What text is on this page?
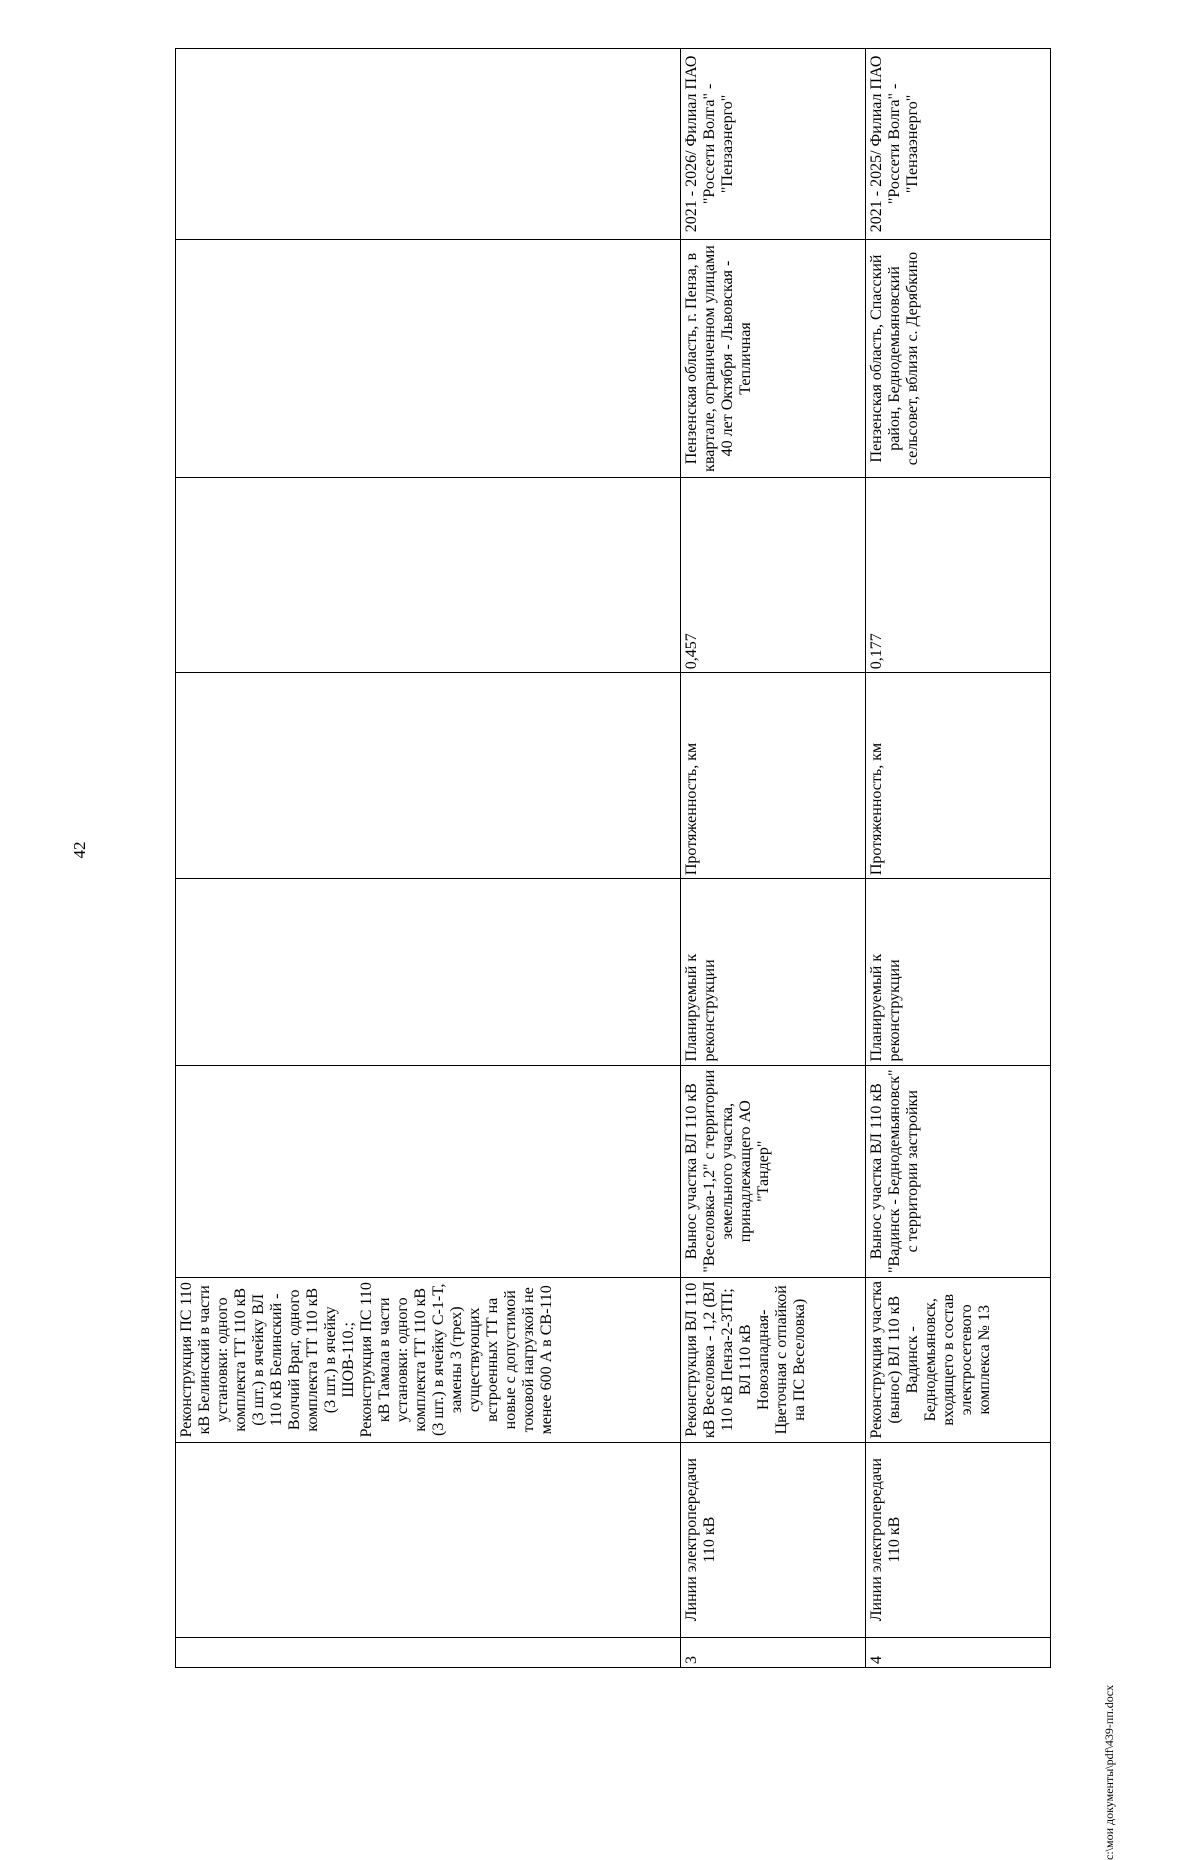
42
		Реконструкция ПС 110 кВ Белинский в части установки: одного комплекта ТТ 110 кВ (3 шт.) в ячейку ВЛ 110 кВ Белинский - Волчий Враг, одного комплекта ТТ 110 кВ (3 шт.) в ячейку ШОВ-110.; Реконструкция ПС 110 кВ Тамала в части установки: одного комплекта ТТ 110 кВ (3 шт.) в ячейку С-1-Т, замены 3 (трех) существующих встроенных ТТ на новые с допустимой токовой нагрузкой не менее 600 А в СВ-110						
3	Линии электропередачи 110 кВ	Реконструкция ВЛ 110 кВ Веселовка - 1,2 (ВЛ 110 кВ Пенза-2-3ТП; ВЛ 110 кВ Новозападная-Цветочная с отпайкой на ПС Веселовка)	Вынос участка ВЛ 110 кВ "Веселовка-1,2" с территории земельного участка, принадлежащего АО "Тандер"	Планируемый к реконструкции	Протяженность, км	0,457	Пензенская область, г. Пенза, в квартале, ограниченном улицами 40 лет Октября - Львовская - Тепличная	2021 - 2026/ Филиал ПАО "Россети Волга" - "Пензаэнерго"
4	Линии электропередачи 110 кВ	Реконструкция участка (вынос) ВЛ 110 кВ Вадинск - Беднодемьяновск, входящего в состав электросетевого комплекса № 13	Вынос участка ВЛ 110 кВ "Вадинск - Беднодемьяновск" с территории застройки	Планируемый к реконструкции	Протяженность, км	0,177	Пензенская область, Спасский район, Беднодемьяновский сельсовет, вблизи с. Дерябкино	2021 - 2025/ Филиал ПАО "Россети Волга" - "Пензаэнерго"
c:\мои документы\pdf\439-пп.docx
